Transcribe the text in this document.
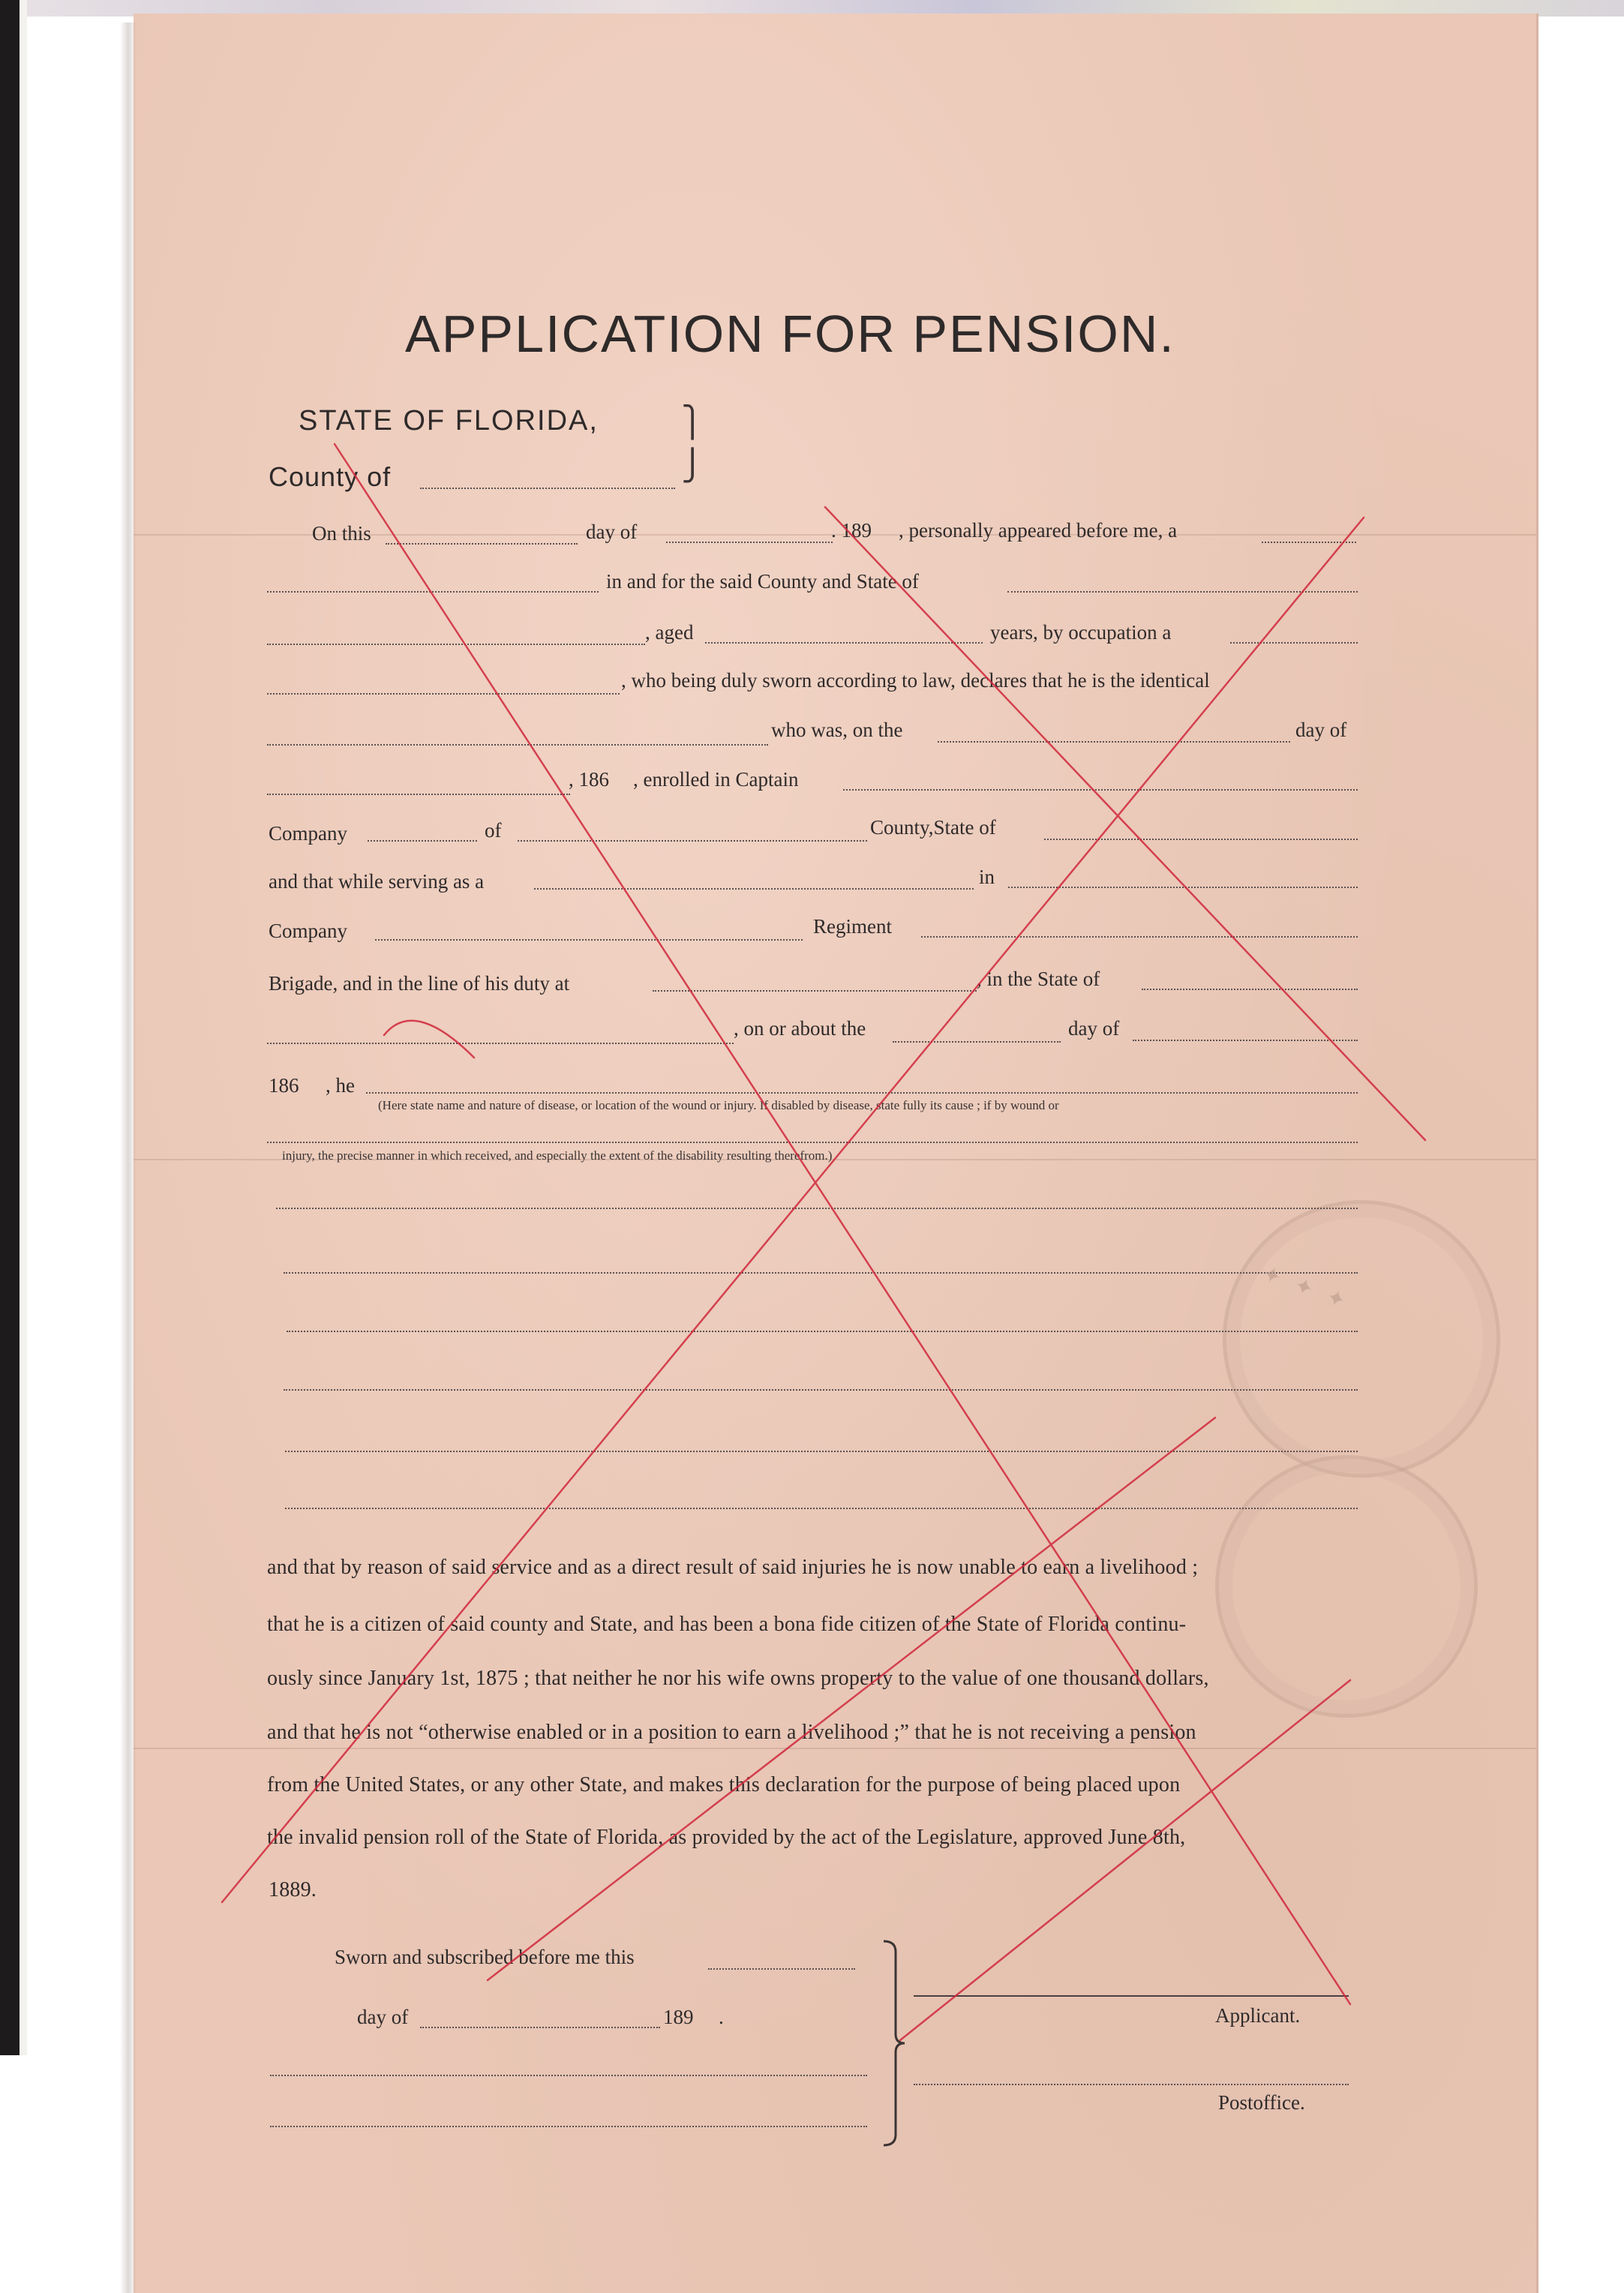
APPLICATION FOR PENSION.
STATE OF FLORIDA,
County of
⎫
⎭
On this	day of	. 189 , personally appeared before me, a
in and for the said County and State of
, aged	years, by occupation a
, who being duly sworn according to law, declares that he is the identical
who was, on the	day of
, 186 , enrolled in Captain
Company	of	County,State of
and that while serving as a	in
Company	Regiment
Brigade, and in the line of his duty at	, in the State of
, on or about the	day of
186 , he
(Here state name and nature of disease, or location of the wound or injury. If disabled by disease, state fully its cause ; if by wound or
injury, the precise manner in which received, and especially the extent of the disability resulting therefrom.)
and that by reason of said service and as a direct result of said injuries he is now unable to earn a livelihood ;
that he is a citizen of said county and State, and has been a bona fide citizen of the State of Florida continu-
ously since January 1st, 1875 ; that neither he nor his wife owns property to the value of one thousand dollars,
and that he is not “otherwise enabled or in a position to earn a livelihood ;” that he is not receiving a pension
from the United States, or any other State, and makes this declaration for the purpose of being placed upon
the invalid pension roll of the State of Florida, as provided by the act of the Legislature, approved June 8th,
1889.
Sworn and subscribed before me this
day of	189 .	Applicant.
Postoffice.
✦ ✦ ✦
